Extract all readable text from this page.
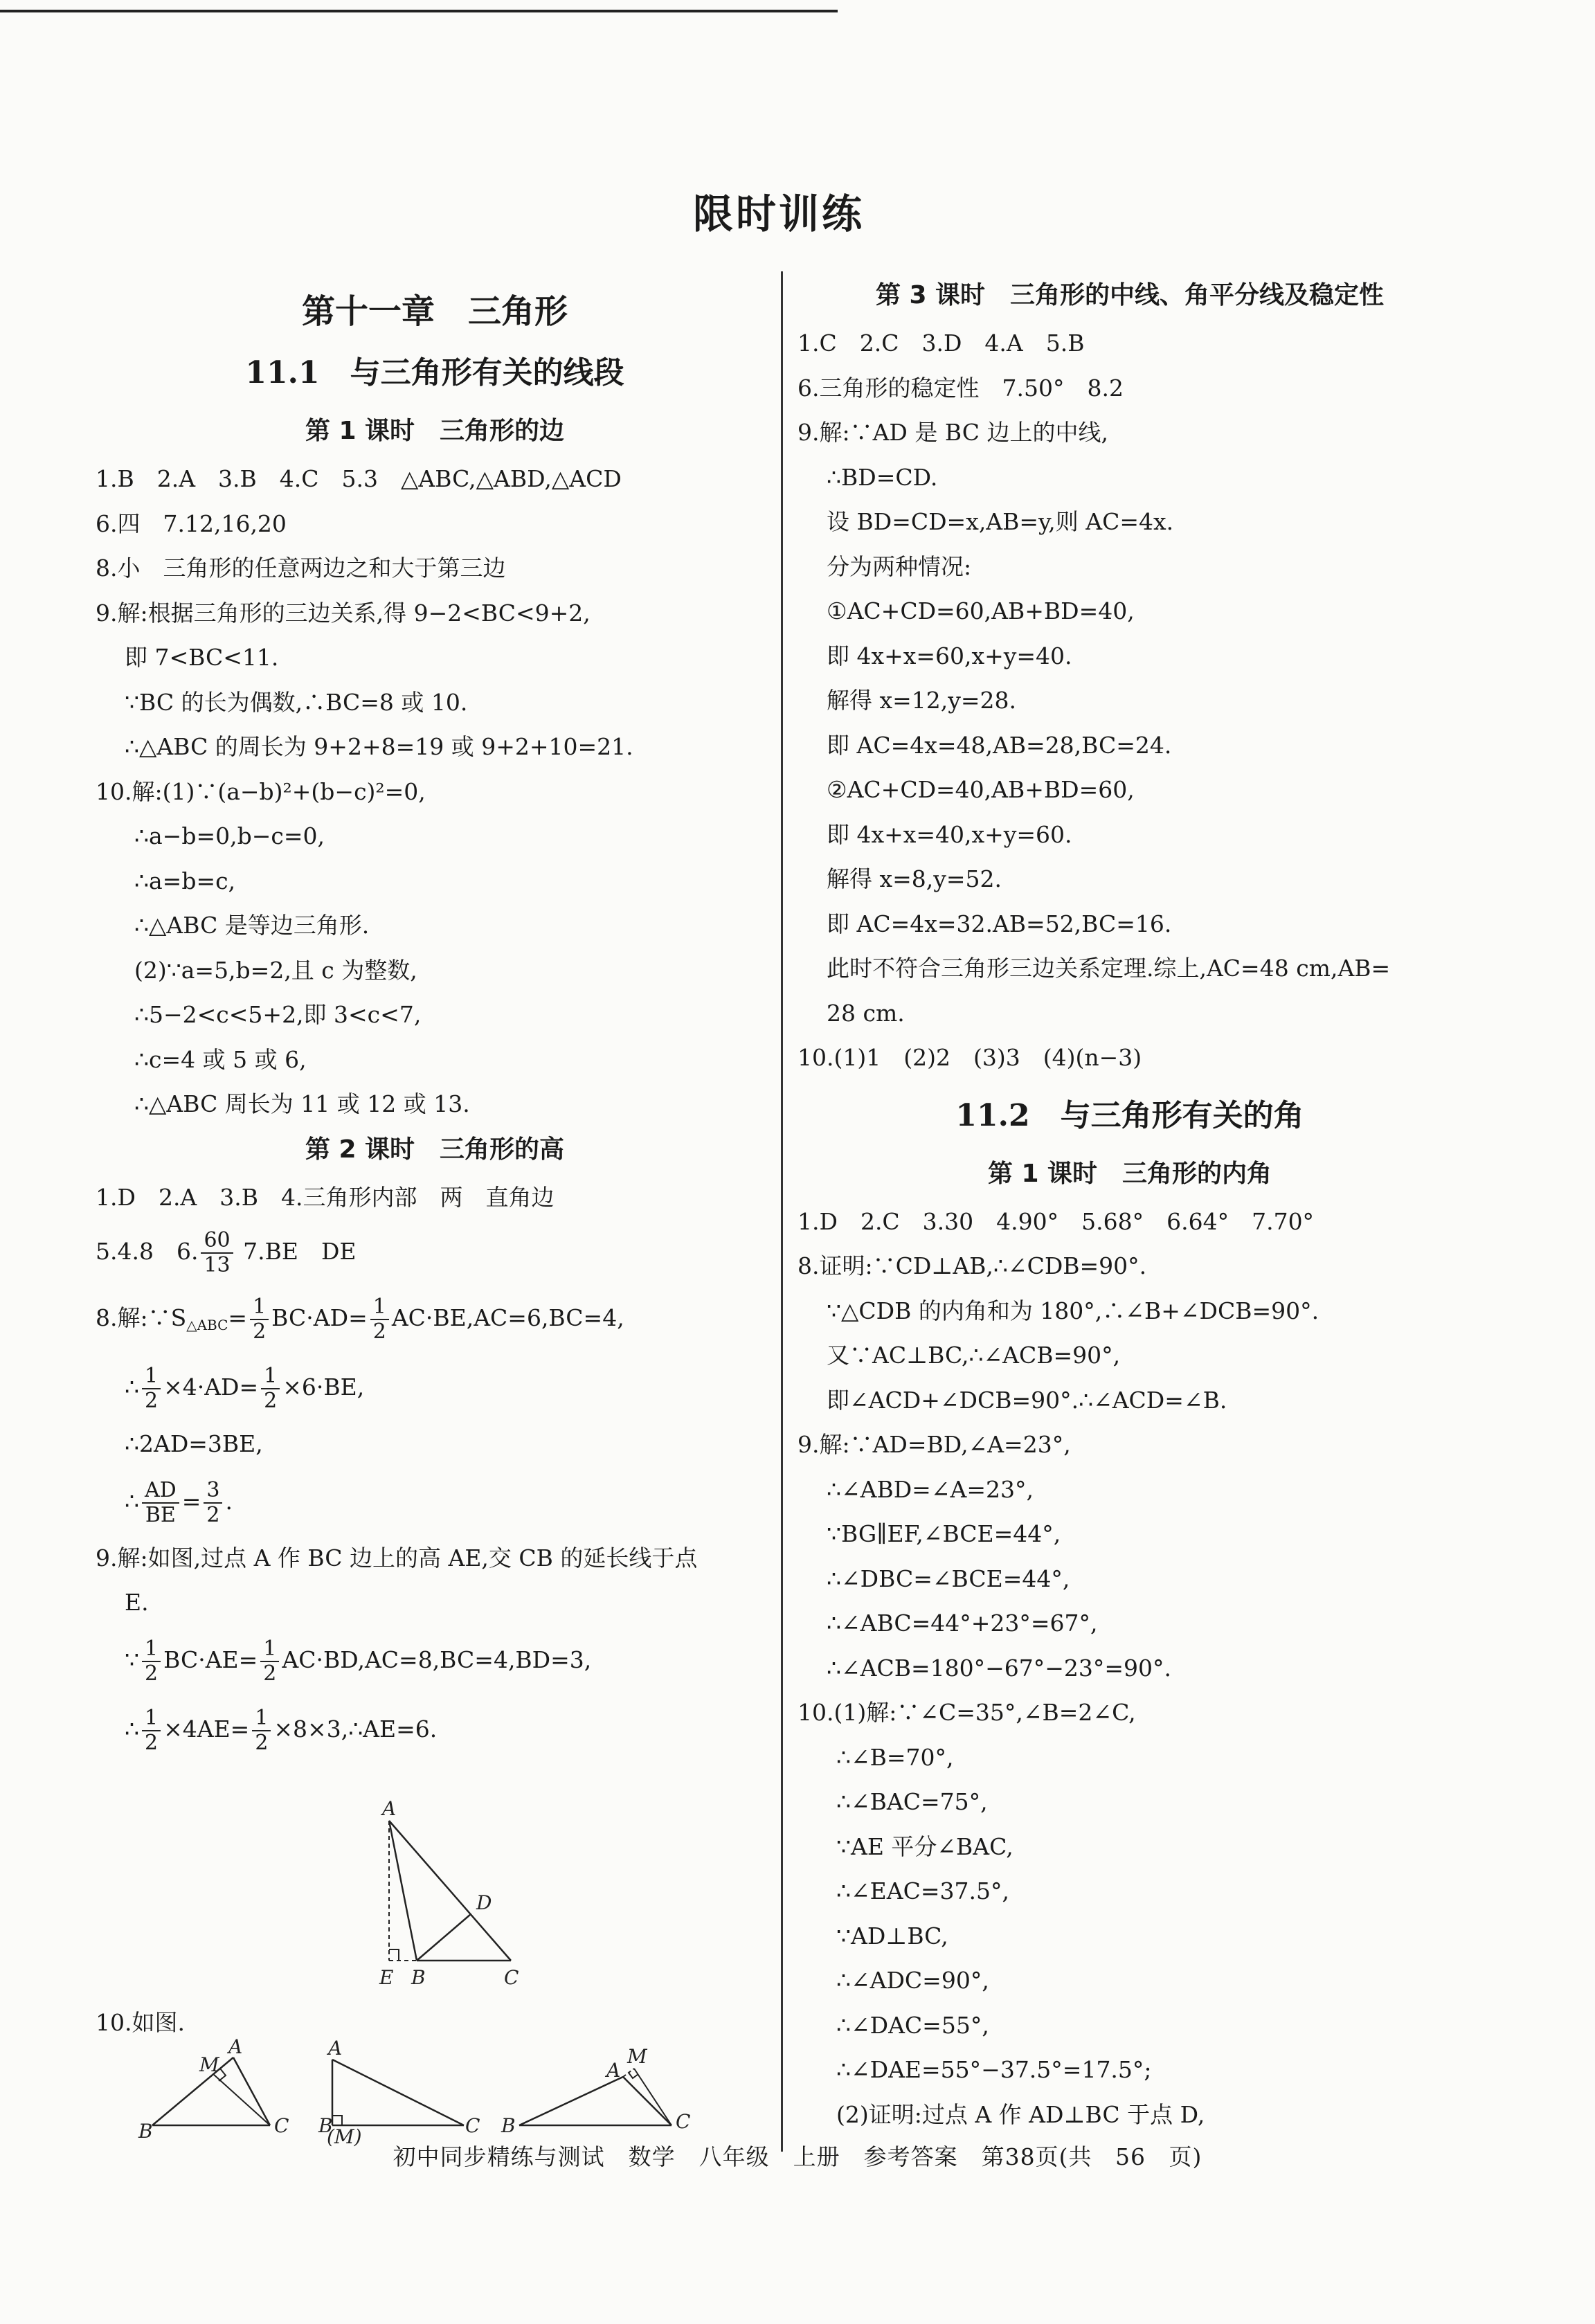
限时训练
第十一章　三角形
11.1　与三角形有关的线段
第 1 课时　三角形的边
1.B　2.A　3.B　4.C　5.3　△ABC,△ABD,△ACD
6.四　7.12,16,20
8.小　三角形的任意两边之和大于第三边
9.解:根据三角形的三边关系,得 9−2<BC<9+2,
即 7<BC<11.
∵BC 的长为偶数,∴BC=8 或 10.
∴△ABC 的周长为 9+2+8=19 或 9+2+10=21.
10.解:(1)∵(a−b)²+(b−c)²=0,
∴a−b=0,b−c=0,
∴a=b=c,
∴△ABC 是等边三角形.
(2)∵a=5,b=2,且 c 为整数,
∴5−2<c<5+2,即 3<c<7,
∴c=4 或 5 或 6,
∴△ABC 周长为 11 或 12 或 13.
第 2 课时　三角形的高
1.D　2.A　3.B　4.三角形内部　两　直角边
5.4.8　6. $\frac{60}{13} 7.BE$　DE
8.解$:\because S_{\triangle ABC}= \frac{1}{2} BC\cdot AD= \frac{1}{2} AC\cdot BE,AC=6,BC=4$,
∴ $\frac{1}{2} \times 4\cdot AD= \frac{1}{2} \times 6\cdot BE$,
∴2AD=3BE,
∴ $\frac{AD}{BE} = \frac{3}{2}$ .
9.解:如图,过点 A 作 BC 边上的高 AE,交 CB 的延长线于点
E.
∵ $\frac{1}{2} BC\cdot AE= \frac{1}{2} AC\cdot BD,AC=8,BC=4,BD=3$,
∴ $\frac{1}{2} \times 4AE= \frac{1}{2}$ ×8×3,∴AE=6.
A
D
E B	C
10.如图.
A
M
B	C
A
B
(M)	C
M
A
B	C
第 3 课时　三角形的中线、角平分线及稳定性
1.C　2.C　3.D　4.A　5.B
6.三角形的稳定性　7.50°　8.2
9.解:∵AD 是 BC 边上的中线,
∴BD=CD.
设 BD=CD=x,AB=y,则 AC=4x.
分为两种情况:
①AC+CD=60,AB+BD=40,
即 4x+x=60,x+y=40.
解得 x=12,y=28.
即 AC=4x=48,AB=28,BC=24.
②AC+CD=40,AB+BD=60,
即 4x+x=40,x+y=60.
解得 x=8,y=52.
即 AC=4x=32.AB=52,BC=16.
此时不符合三角形三边关系定理.综上,AC=48 cm,AB=
28 cm.
10.(1)1　(2)2　(3)3　(4)(n−3)
11.2　与三角形有关的角
第 1 课时　三角形的内角
1.D　2.C　3.30　4.90°　5.68°　6.64°　7.70°
8.证明:∵CD⊥AB,∴∠CDB=90°.
∵△CDB 的内角和为 180°,∴∠B+∠DCB=90°.
又∵AC⊥BC,∴∠ACB=90°,
即∠ACD+∠DCB=90°.∴∠ACD=∠B.
9.解:∵AD=BD,∠A=23°,
∴∠ABD=∠A=23°,
∵BG∥EF,∠BCE=44°,
∴∠DBC=∠BCE=44°,
∴∠ABC=44°+23°=67°,
∴∠ACB=180°−67°−23°=90°.
10.(1)解:∵∠C=35°,∠B=2∠C,
∴∠B=70°,
∴∠BAC=75°,
∵AE 平分∠BAC,
∴∠EAC=37.5°,
∵AD⊥BC,
∴∠ADC=90°,
∴∠DAC=55°,
∴∠DAE=55°−37.5°=17.5°;
(2)证明:过点 A 作 AD⊥BC 于点 D,
初中同步精练与测试　数学　八年级　上册　参考答案　第38页(共 56 页)
